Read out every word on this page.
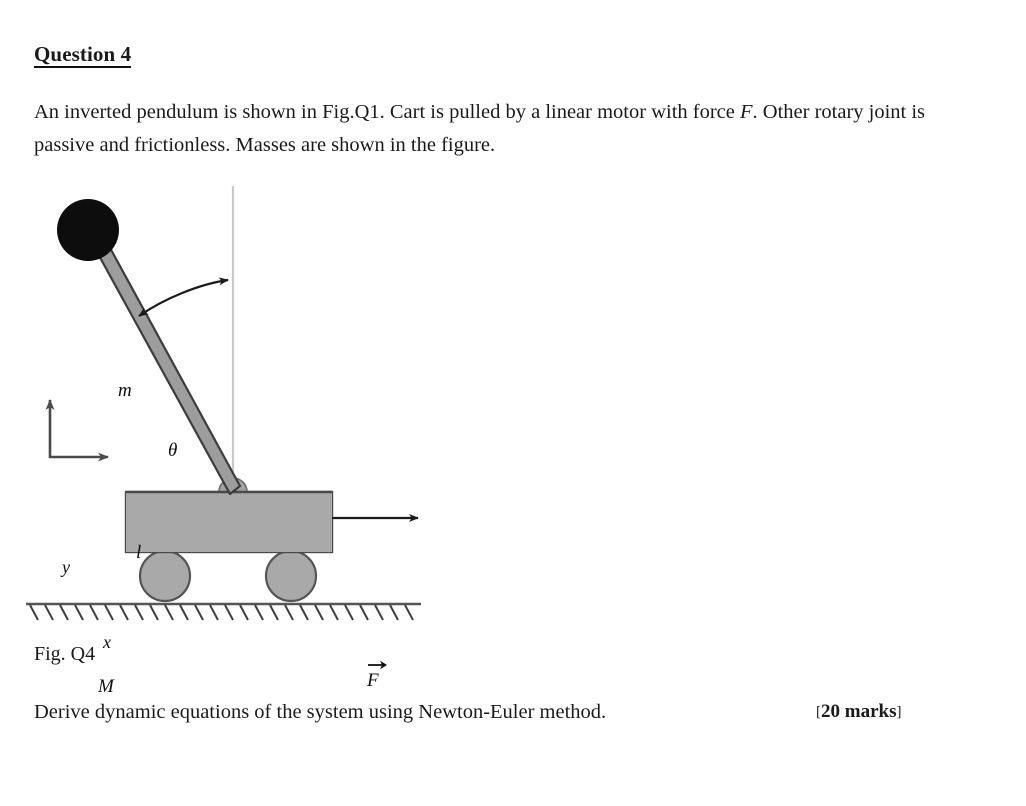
Question 4
An inverted pendulum is shown in Fig.Q1. Cart is pulled by a linear motor with force F. Other rotary joint is passive and frictionless. Masses are shown in the figure.
m
θ
l
y
x
M	F
Fig. Q4
Derive dynamic equations of the system using Newton-Euler method.	[20 marks]
